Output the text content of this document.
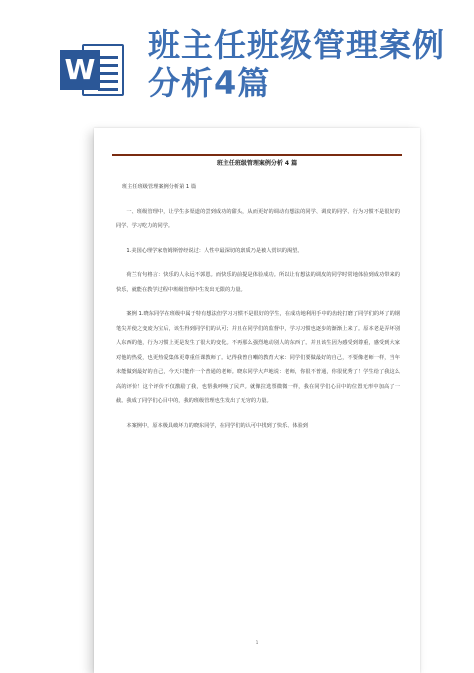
W
班主任班级管理案例分析4篇
班主任班级管理案例分析 4 篇

班主任班级管理案例分析第 1 篇

一、班级管理中，让学生多渠道的尝到成功的甜头，从而更好的调动有想法的同学、调皮的同学、行为习惯不是很好的同学、学习吃力的同学。

1.美国心理学家詹姆斯曾经说过：人性中最深切的禀质乃是被人赏识的渴望。

荷兰有句格言：快乐的人永远不郭恩。而快乐的前提是体验成功。所以让有想法的调皮的同学时常地体验到成功带来的快乐，就能在教学过程中班级管理中生发出无限的力量。

案例 1.晓东同学在班级中属于特有想法但学习习惯不是很好的学生，在成功地利用手中的齿轮打磨了同学们的坏了的钢笔尖并使之变废为宝后，该生得到同学们的认可；并且在同学们的监督中，学习习惯也逐步的渐渐上来了。原本老是弄坏别人东西的他，行为习惯上更是发生了很大的变化。不再那么强烈地动别人的东西了。并且该生因为感受到尊重，感受到大家对他的热爱，也更热爱集体更尊重任课教师了。记得我曾自嘲的教育大家：同学们要做最好的自己，不要像老师一样，当年未能做到最好的自己，今天只能作一个普通的老师。晓东同学大声地说：老师，你很不普通，你很优秀了！学生给了我这么高的评价！这个评价不仅激励了我，也帮我呼唤了民声。就像拉选票微微一样，我在同学们心目中的位置无形中加高了一截。我成了同学们心目中的，我的班级管理也生发出了无穷的力量。

本案例中，原本极具破坏力的晓东同学，在同学们的认可中找到了快乐、体验到

1
